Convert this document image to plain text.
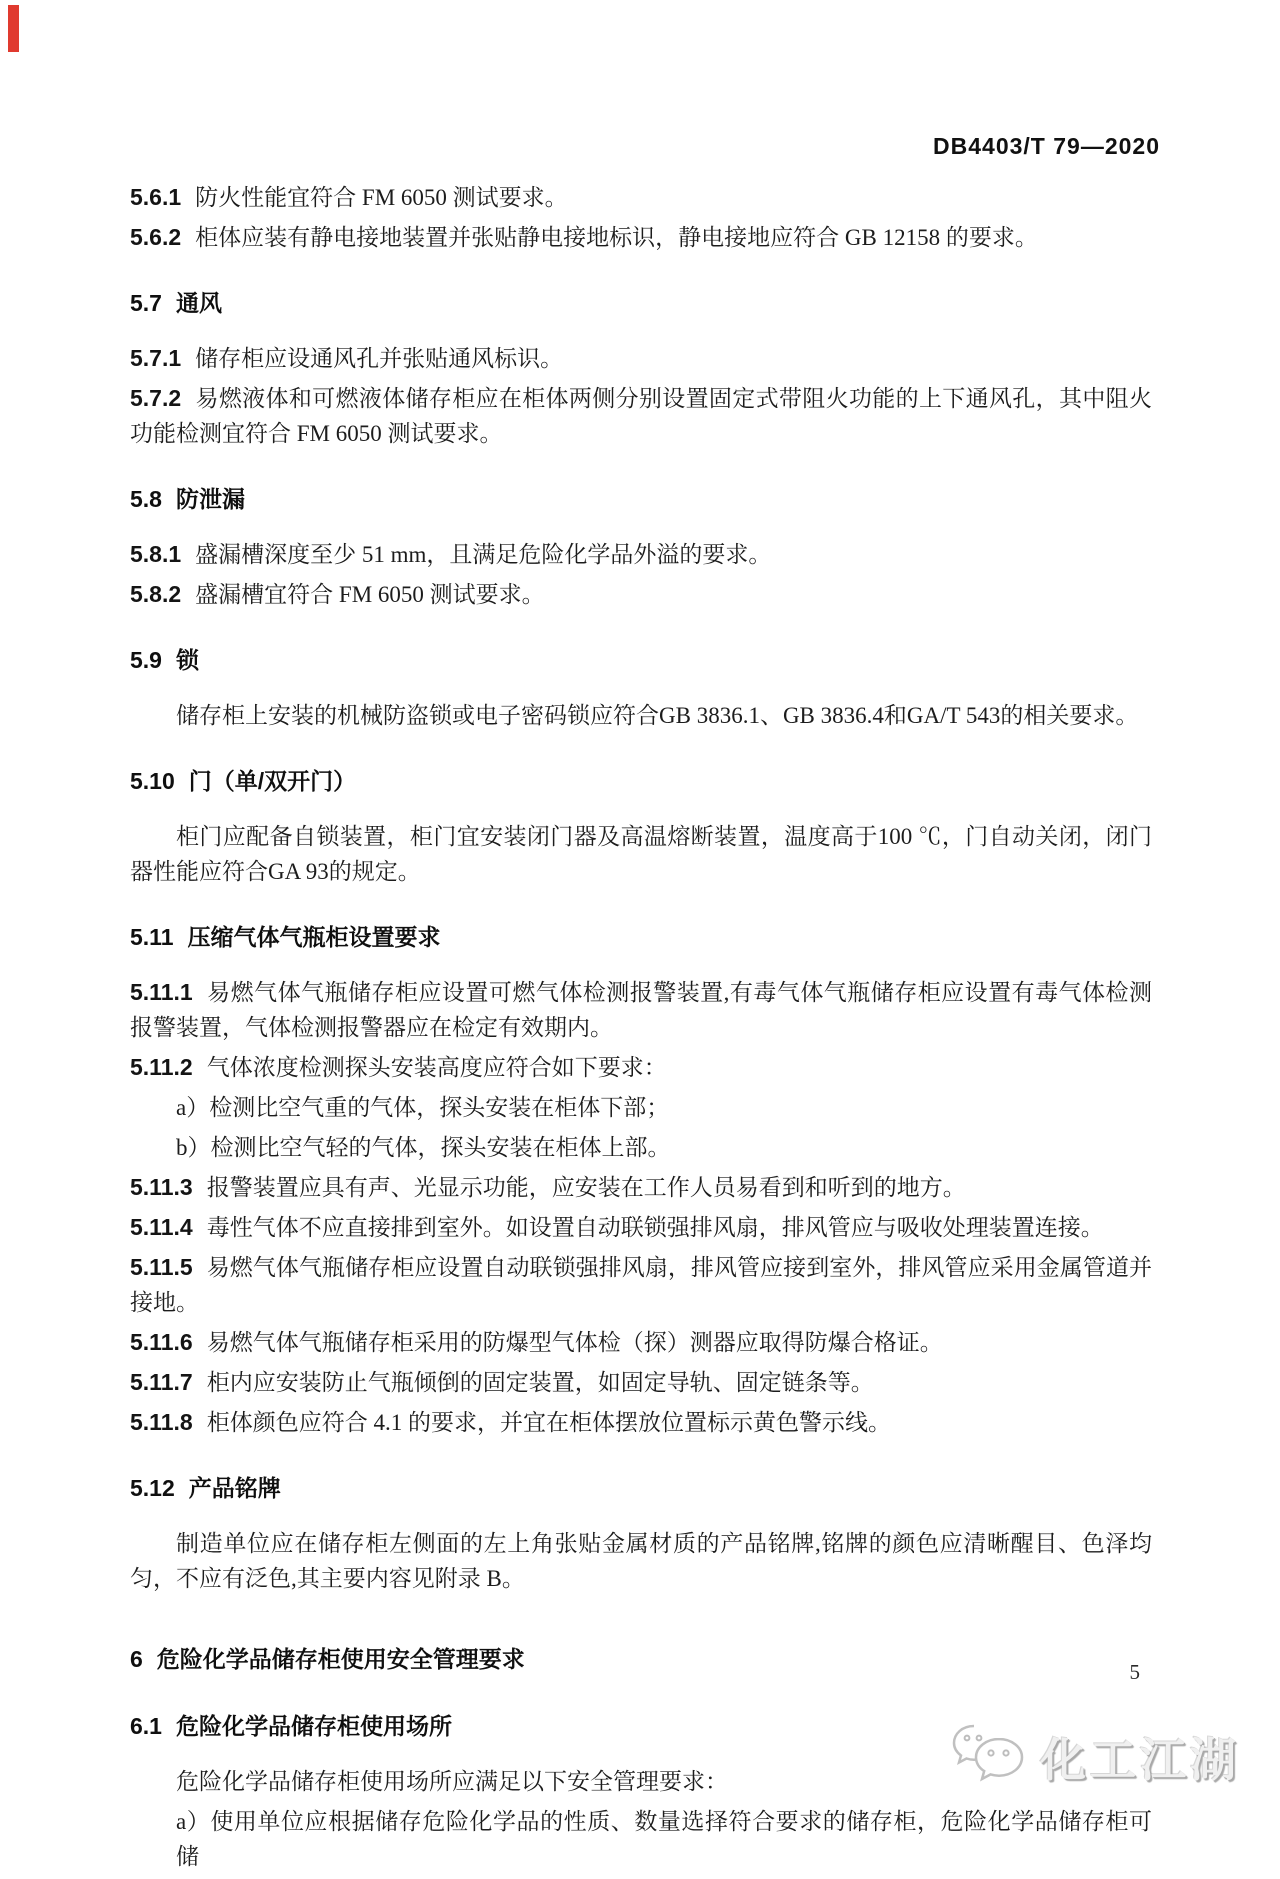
DB4403/T 79—2020
5.6.1 防火性能宜符合 FM 6050 测试要求。
5.6.2 柜体应装有静电接地装置并张贴静电接地标识，静电接地应符合 GB 12158 的要求。
5.7 通风
5.7.1 储存柜应设通风孔并张贴通风标识。
5.7.2 易燃液体和可燃液体储存柜应在柜体两侧分别设置固定式带阻火功能的上下通风孔，其中阻火功能检测宜符合 FM 6050 测试要求。
5.8 防泄漏
5.8.1 盛漏槽深度至少 51 mm，且满足危险化学品外溢的要求。
5.8.2 盛漏槽宜符合 FM 6050 测试要求。
5.9 锁
储存柜上安装的机械防盗锁或电子密码锁应符合GB 3836.1、GB 3836.4和GA/T 543的相关要求。
5.10 门（单/双开门）
柜门应配备自锁装置，柜门宜安装闭门器及高温熔断装置，温度高于100 ℃，门自动关闭，闭门器性能应符合GA 93的规定。
5.11 压缩气体气瓶柜设置要求
5.11.1 易燃气体气瓶储存柜应设置可燃气体检测报警装置,有毒气体气瓶储存柜应设置有毒气体检测报警装置，气体检测报警器应在检定有效期内。
5.11.2 气体浓度检测探头安装高度应符合如下要求：
a）检测比空气重的气体，探头安装在柜体下部；
b）检测比空气轻的气体，探头安装在柜体上部。
5.11.3 报警装置应具有声、光显示功能，应安装在工作人员易看到和听到的地方。
5.11.4 毒性气体不应直接排到室外。如设置自动联锁强排风扇，排风管应与吸收处理装置连接。
5.11.5 易燃气体气瓶储存柜应设置自动联锁强排风扇，排风管应接到室外，排风管应采用金属管道并接地。
5.11.6 易燃气体气瓶储存柜采用的防爆型气体检（探）测器应取得防爆合格证。
5.11.7 柜内应安装防止气瓶倾倒的固定装置，如固定导轨、固定链条等。
5.11.8 柜体颜色应符合 4.1 的要求，并宜在柜体摆放位置标示黄色警示线。
5.12 产品铭牌
制造单位应在储存柜左侧面的左上角张贴金属材质的产品铭牌,铭牌的颜色应清晰醒目、色泽均匀，不应有泛色,其主要内容见附录 B。
6 危险化学品储存柜使用安全管理要求
6.1 危险化学品储存柜使用场所
危险化学品储存柜使用场所应满足以下安全管理要求：
a）使用单位应根据储存危险化学品的性质、数量选择符合要求的储存柜，危险化学品储存柜可储
5
化工江湖
